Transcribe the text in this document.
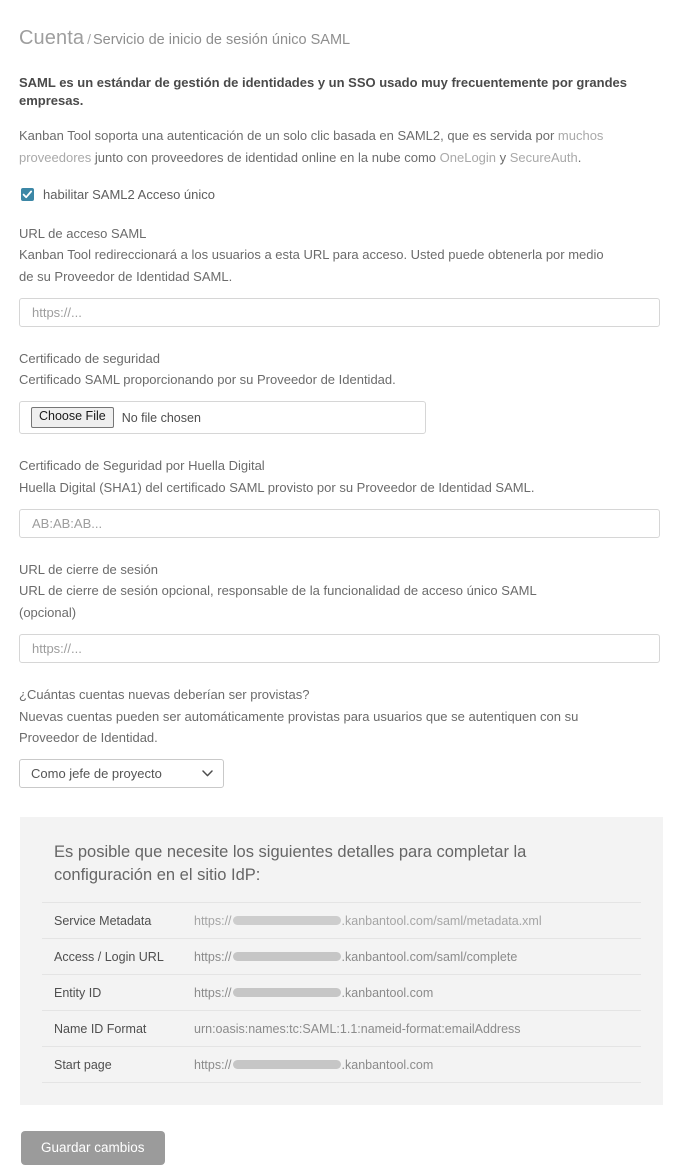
Cuenta / Servicio de inicio de sesión único SAML
SAML es un estándar de gestión de identidades y un SSO usado muy frecuentemente por grandes empresas.
Kanban Tool soporta una autenticación de un solo clic basada en SAML2, que es servida por muchos proveedores junto con proveedores de identidad online en la nube como OneLogin y SecureAuth.
habilitar SAML2 Acceso único
URL de acceso SAML
Kanban Tool redireccionará a los usuarios a esta URL para acceso. Usted puede obtenerla por medio de su Proveedor de Identidad SAML.
https://...
Certificado de seguridad
Certificado SAML proporcionando por su Proveedor de Identidad.
Choose File	No file chosen
Certificado de Seguridad por Huella Digital
Huella Digital (SHA1) del certificado SAML provisto por su Proveedor de Identidad SAML.
AB:AB:AB...
URL de cierre de sesión
URL de cierre de sesión opcional, responsable de la funcionalidad de acceso único SAML
(opcional)
https://...
¿Cuántas cuentas nuevas deberían ser provistas?
Nuevas cuentas pueden ser automáticamente provistas para usuarios que se autentiquen con su Proveedor de Identidad.
Como jefe de proyecto
Es posible que necesite los siguientes detalles para completar la configuración en el sitio IdP:
Service Metadata	https:// .kanbantool.com/saml/metadata.xml
Access / Login URL	https:// .kanbantool.com/saml/complete
Entity ID	https:// .kanbantool.com
Name ID Format	urn:oasis:names:tc:SAML:1.1:nameid-format:emailAddress
Start page	https:// .kanbantool.com
Guardar cambios
